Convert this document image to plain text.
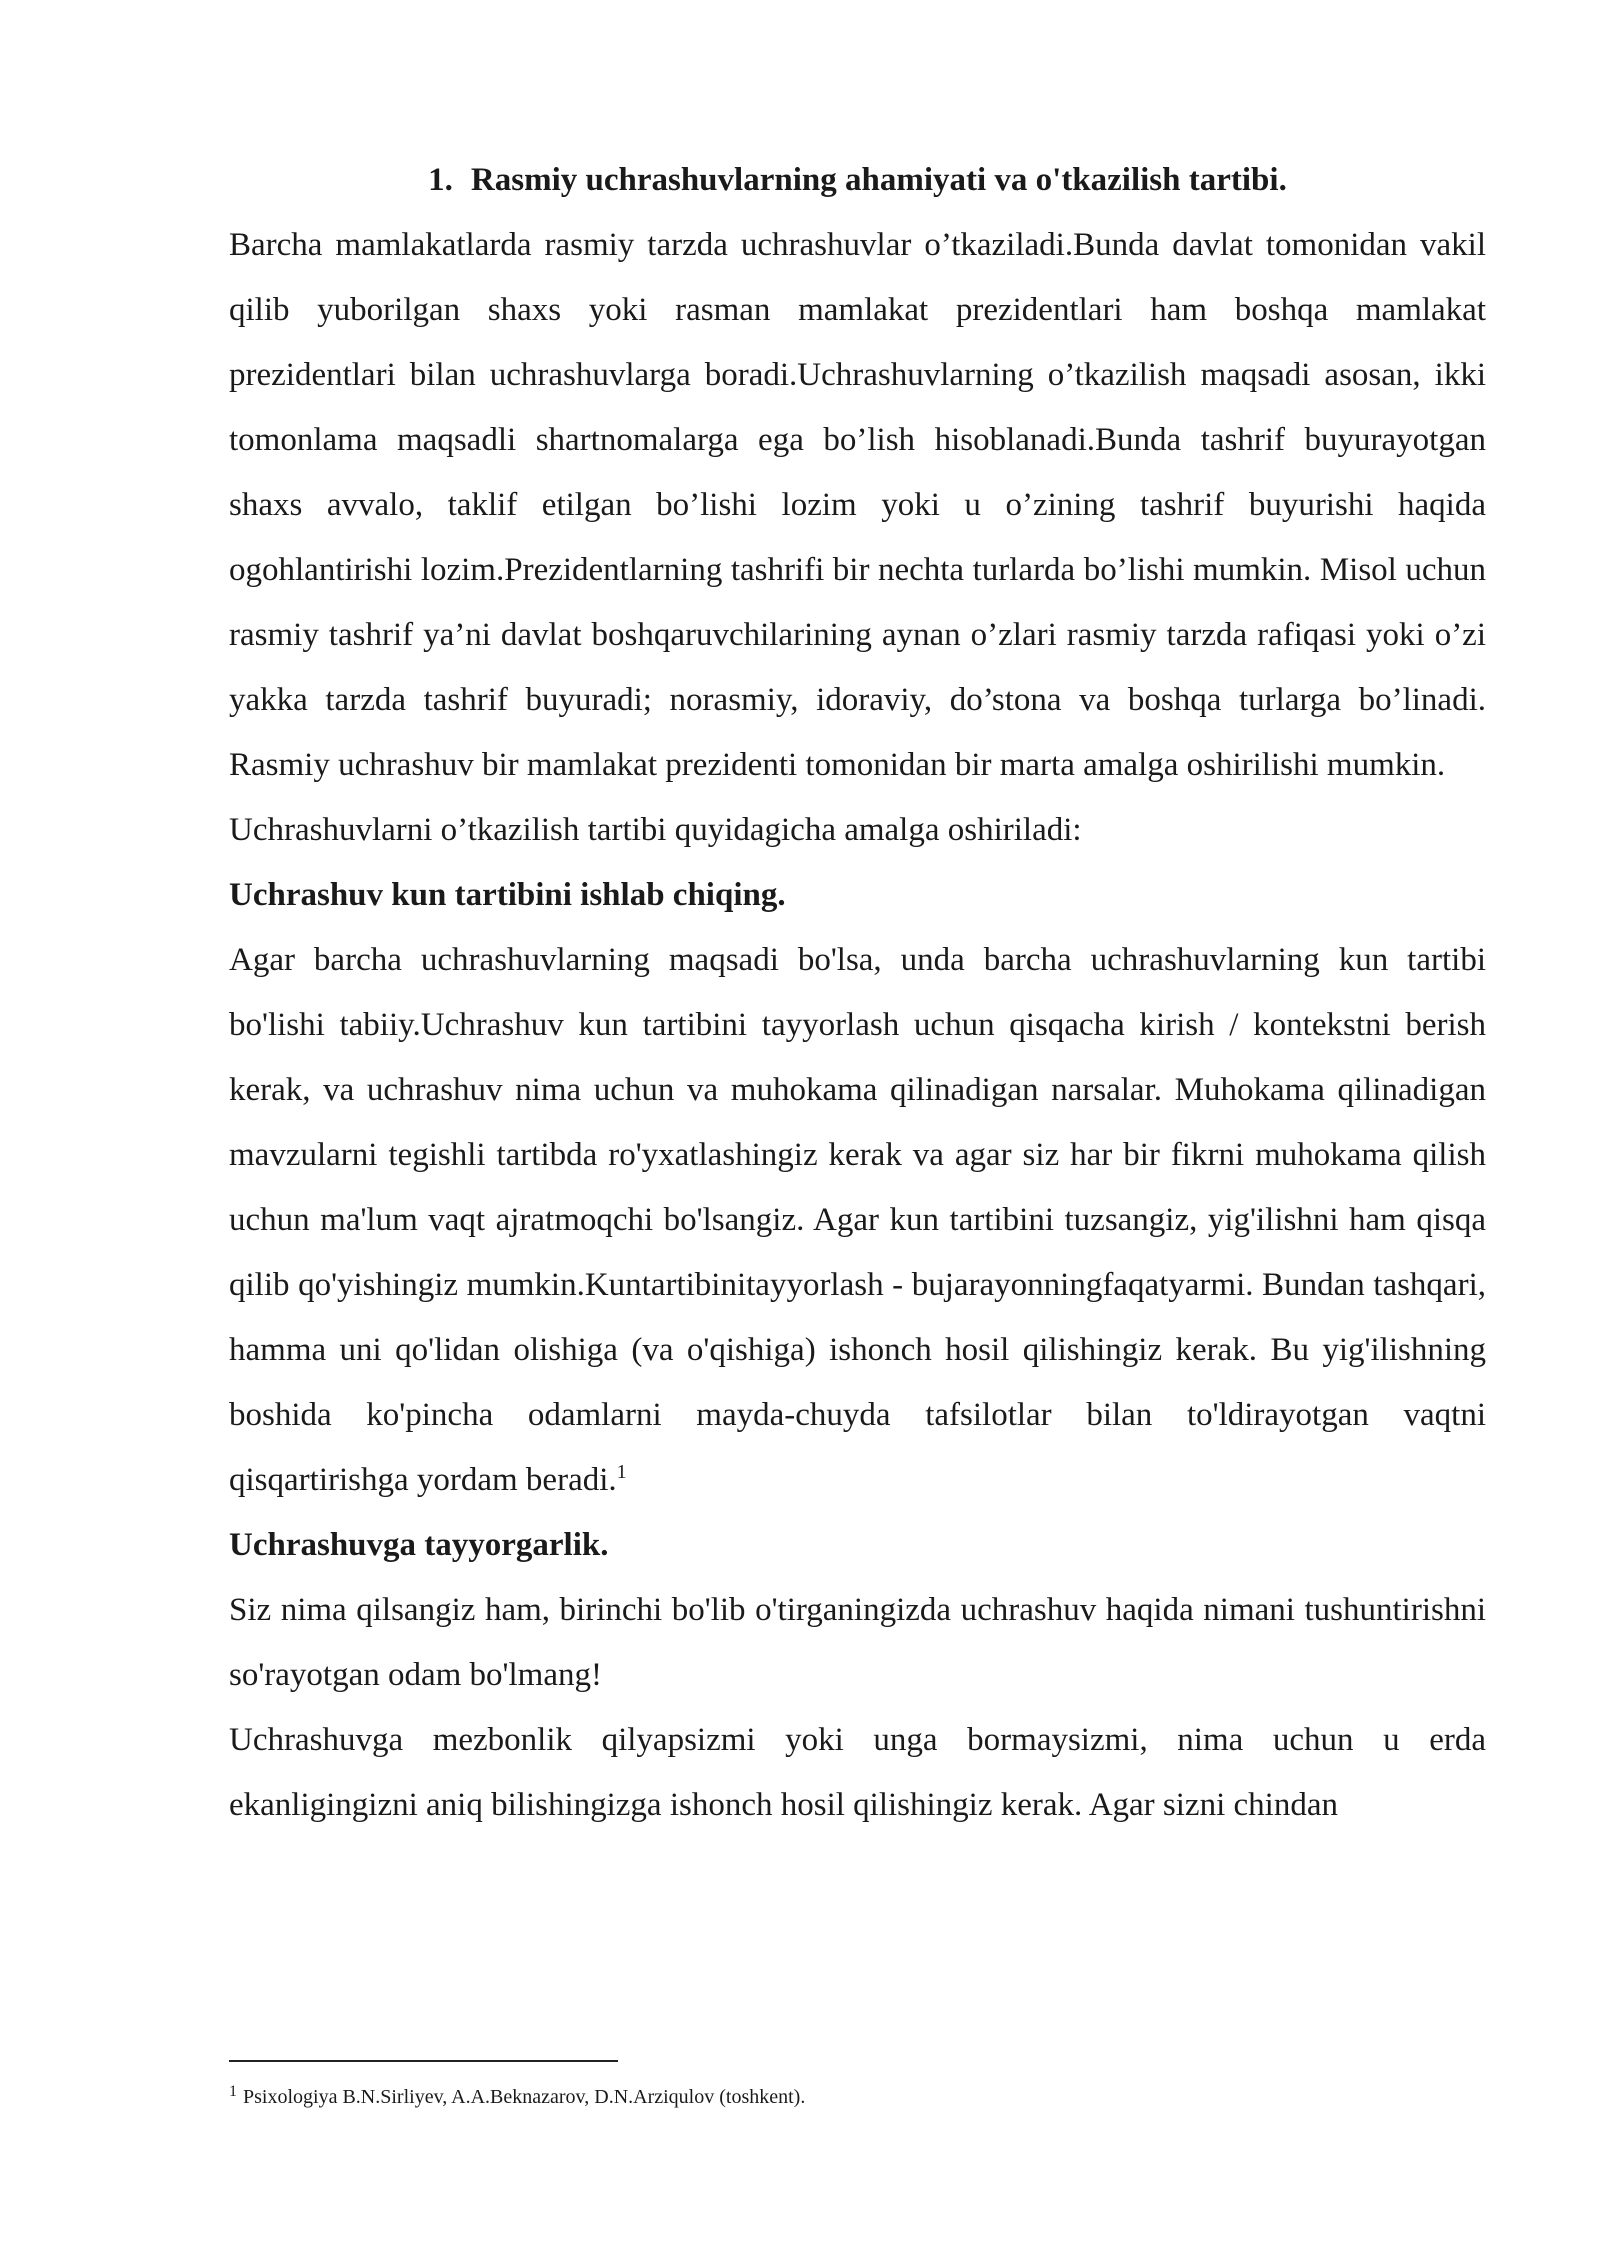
1. Rasmiy uchrashuvlarning ahamiyati va o'tkazilish tartibi.

Barcha mamlakatlarda rasmiy tarzda uchrashuvlar o’tkaziladi.Bunda davlat tomonidan vakil qilib yuborilgan shaxs yoki rasman mamlakat prezidentlari ham boshqa mamlakat prezidentlari bilan uchrashuvlarga boradi.Uchrashuvlarning o’tkazilish maqsadi asosan, ikki tomonlama maqsadli shartnomalarga ega bo’lish hisoblanadi.Bunda tashrif buyurayotgan shaxs avvalo, taklif etilgan bo’lishi lozim yoki u o’zining tashrif buyurishi haqida ogohlantirishi lozim.Prezidentlarning tashrifi bir nechta turlarda bo’lishi mumkin. Misol uchun rasmiy tashrif ya’ni davlat boshqaruvchilarining aynan o’zlari rasmiy tarzda rafiqasi yoki o’zi yakka tarzda tashrif buyuradi; norasmiy, idoraviy, do’stona va boshqa turlarga bo’linadi. Rasmiy uchrashuv bir mamlakat prezidenti tomonidan bir marta amalga oshirilishi mumkin.

Uchrashuvlarni o’tkazilish tartibi quyidagicha amalga oshiriladi:

Uchrashuv kun tartibini ishlab chiqing.

Agar barcha uchrashuvlarning maqsadi bo'lsa, unda barcha uchrashuvlarning kun tartibi bo'lishi tabiiy.Uchrashuv kun tartibini tayyorlash uchun qisqacha kirish / kontekstni berish kerak, va uchrashuv nima uchun va muhokama qilinadigan narsalar. Muhokama qilinadigan mavzularni tegishli tartibda ro'yxatlashingiz kerak va agar siz har bir fikrni muhokama qilish uchun ma'lum vaqt ajratmoqchi bo'lsangiz. Agar kun tartibini tuzsangiz, yig'ilishni ham qisqa qilib qo'yishingiz mumkin.Kuntartibinitayyorlash - bujarayonningfaqatyarmi. Bundan tashqari, hamma uni qo'lidan olishiga (va o'qishiga) ishonch hosil qilishingiz kerak. Bu yig'ilishning boshida ko'pincha odamlarni mayda-chuyda tafsilotlar bilan to'ldirayotgan vaqtni qisqartirishga yordam beradi.$^1$

Uchrashuvga tayyorgarlik.

Siz nima qilsangiz ham, birinchi bo'lib o'tirganingizda uchrashuv haqida nimani tushuntirishni so'rayotgan odam bo'lmang!

Uchrashuvga mezbonlik qilyapsizmi yoki unga bormaysizmi, nima uchun u erda ekanligingizni aniq bilishingizga ishonch hosil qilishingiz kerak. Agar sizni chindan

$^1$ Psixologiya B.N.Sirliyev, A.A.Beknazarov, D.N.Arziqulov (toshkent).
